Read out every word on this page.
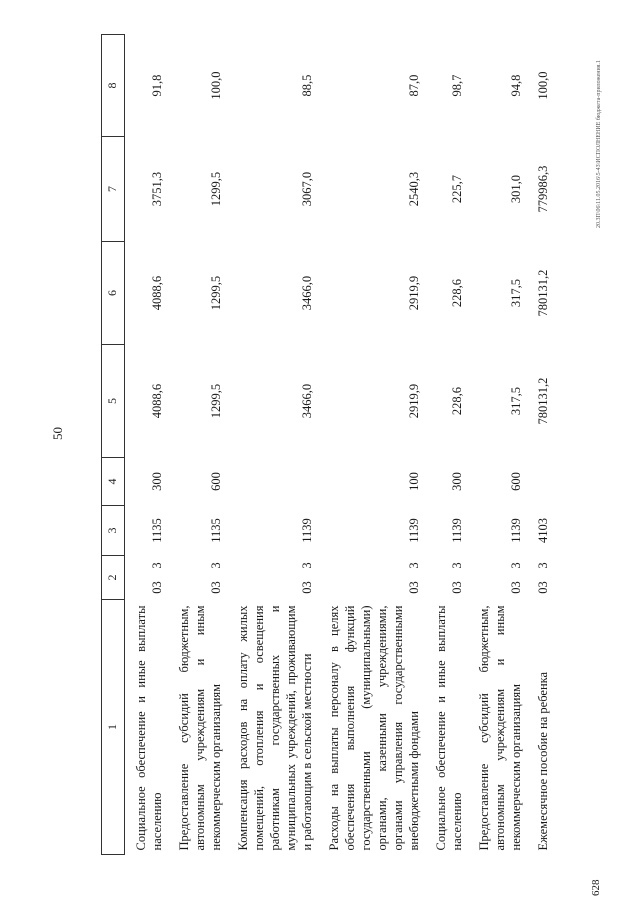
50
20.3П\06\11.05.2016\5-43\ИСПОЛНЕНИЕ бюджета-приложения.1
628
1	2		3	4	5	6	7	8
Социальное обеспечение и иные выплаты населению	03	3	1135	300	4088,6	4088,6	3751,3	91,8
Предоставление субсидий бюджетным, автономным учреждениям и иным некоммерческим организациям	03	3	1135	600	1299,5	1299,5	1299,5	100,0
Компенсация расходов на оплату жилых помещений, отопления и освещения работникам государственных и муниципальных учреждений, проживающим и работающим в сельской местности	03	3	1139		3466,0	3466,0	3067,0	88,5
Расходы на выплаты персоналу в целях обеспечения выполнения функций государственными (муниципальными) органами, казенными учреждениями, органами управления государственными внебюджетными фондами	03	3	1139	100	2919,9	2919,9	2540,3	87,0
Социальное обеспечение и иные выплаты населению	03	3	1139	300	228,6	228,6	225,7	98,7
Предоставление субсидий бюджетным, автономным учреждениям и иным некоммерческим организациям	03	3	1139	600	317,5	317,5	301,0	94,8
Ежемесячное пособие на ребенка	03	3	4103		780131,2	780131,2	779986,3	100,0
